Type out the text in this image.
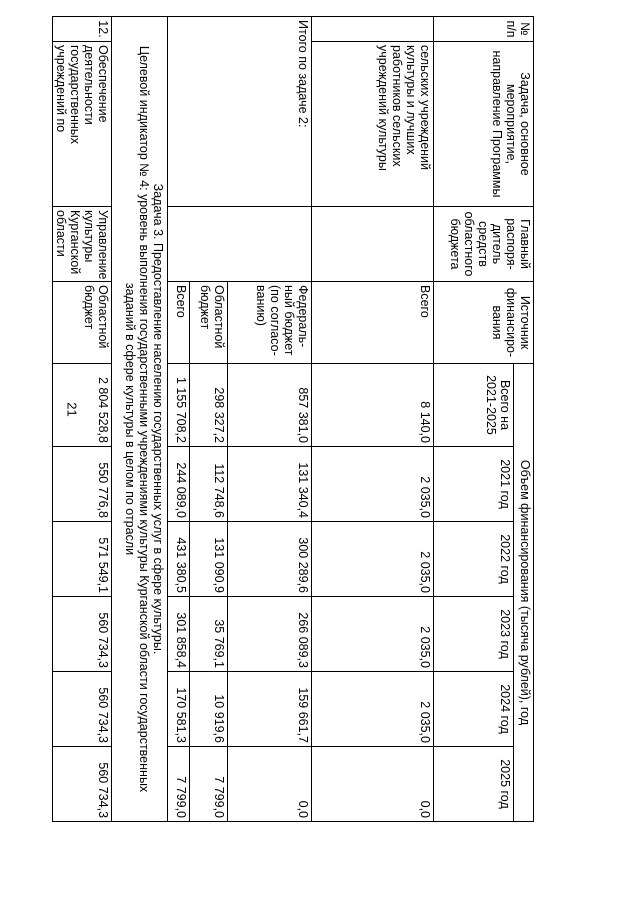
21
№ п/п	Задача, основное мероприятие, направление Программы	Главный распоря-дитель средств областного бюджета	Источник финансиро-вания	Объем финансирования (тысяча рублей), год					
				Всего на 2021-2025	2021 год	2022 год	2023 год	2024 год	2025 год
	сельских учреждений культуры и лучших работников сельских учреждений культуры		Всего	8 140,0	2 035,0	2 035,0	2 035,0	2 035,0	0,0
Итого по задаче 2:			Федераль-ный бюджет (по согласо-ванию)	857 381,0	131 340,4	300 289,6	266 089,3	159 661,7	0,0
			Областной бюджет	298 327,2	112 748,6	131 090,9	35 769,1	10 919,6	7 799,0
			Всего	1 155 708,2	244 089,0	431 380,5	301 858,4	170 581,3	7 799,0

Задача 3. Предоставление населению государственных услуг в сфере культуры.
Целевой индикатор № 4: уровень выполнения государственными учреждениями культуры Курганской области государственных заданий в сфере культуры в целом по отрасли									

12.	Обеспечение деятельности государственных учреждений по	Управление культуры Курганской области	Областной бюджет	2 804 528,8	550 776,8	571 549,1	560 734,3	560 734,3	560 734,3
